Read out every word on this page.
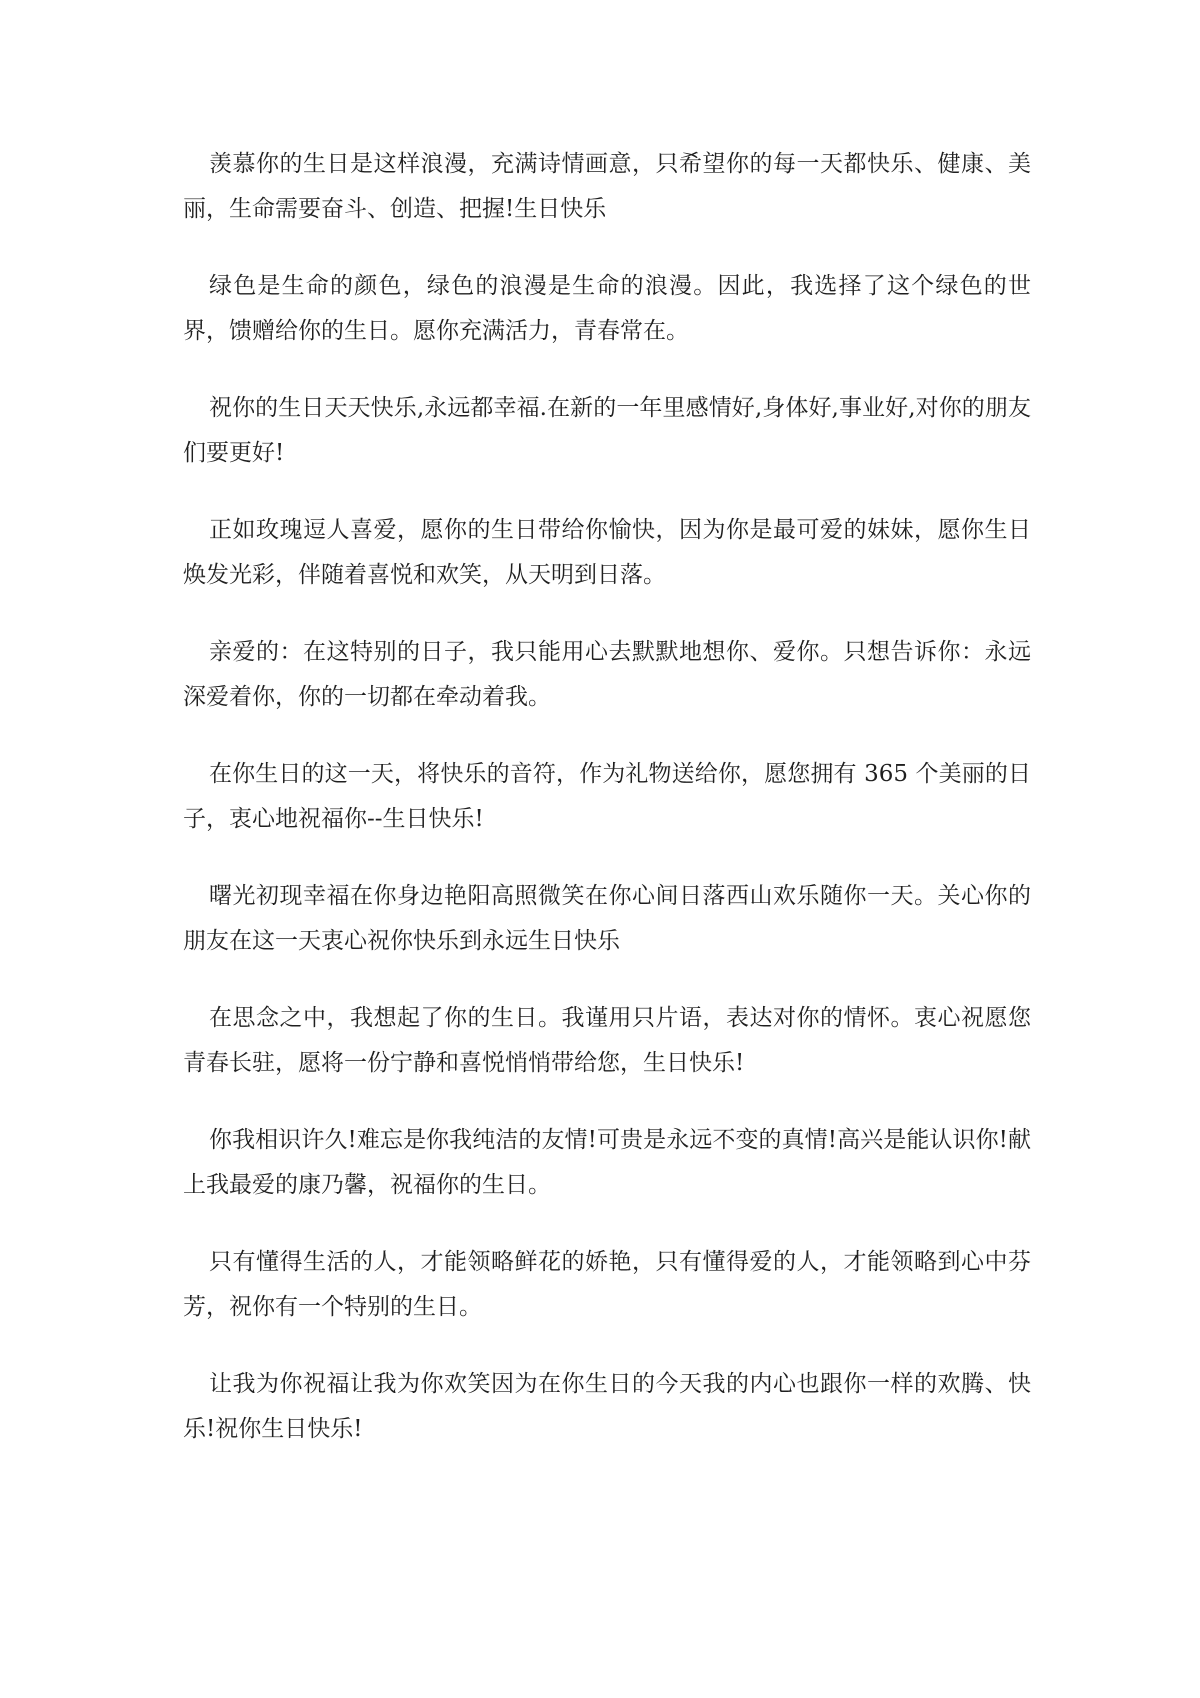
羡慕你的生日是这样浪漫，充满诗情画意，只希望你的每一天都快乐、健康、美丽，生命需要奋斗、创造、把握!生日快乐

绿色是生命的颜色，绿色的浪漫是生命的浪漫。因此，我选择了这个绿色的世界，馈赠给你的生日。愿你充满活力，青春常在。

祝你的生日天天快乐,永远都幸福.在新的一年里感情好,身体好,事业好,对你的朋友们要更好!

正如玫瑰逗人喜爱，愿你的生日带给你愉快，因为你是最可爱的妹妹，愿你生日焕发光彩，伴随着喜悦和欢笑，从天明到日落。

亲爱的：在这特别的日子，我只能用心去默默地想你、爱你。只想告诉你：永远深爱着你，你的一切都在牵动着我。

在你生日的这一天，将快乐的音符，作为礼物送给你，愿您拥有 365 个美丽的日子，衷心地祝福你--生日快乐!

曙光初现幸福在你身边艳阳高照微笑在你心间日落西山欢乐随你一天。关心你的朋友在这一天衷心祝你快乐到永远生日快乐

在思念之中，我想起了你的生日。我谨用只片语，表达对你的情怀。衷心祝愿您青春长驻，愿将一份宁静和喜悦悄悄带给您，生日快乐!

你我相识许久!难忘是你我纯洁的友情!可贵是永远不变的真情!高兴是能认识你!献上我最爱的康乃馨，祝福你的生日。

只有懂得生活的人，才能领略鲜花的娇艳，只有懂得爱的人，才能领略到心中芬芳，祝你有一个特别的生日。

让我为你祝福让我为你欢笑因为在你生日的今天我的内心也跟你一样的欢腾、快乐!祝你生日快乐!
